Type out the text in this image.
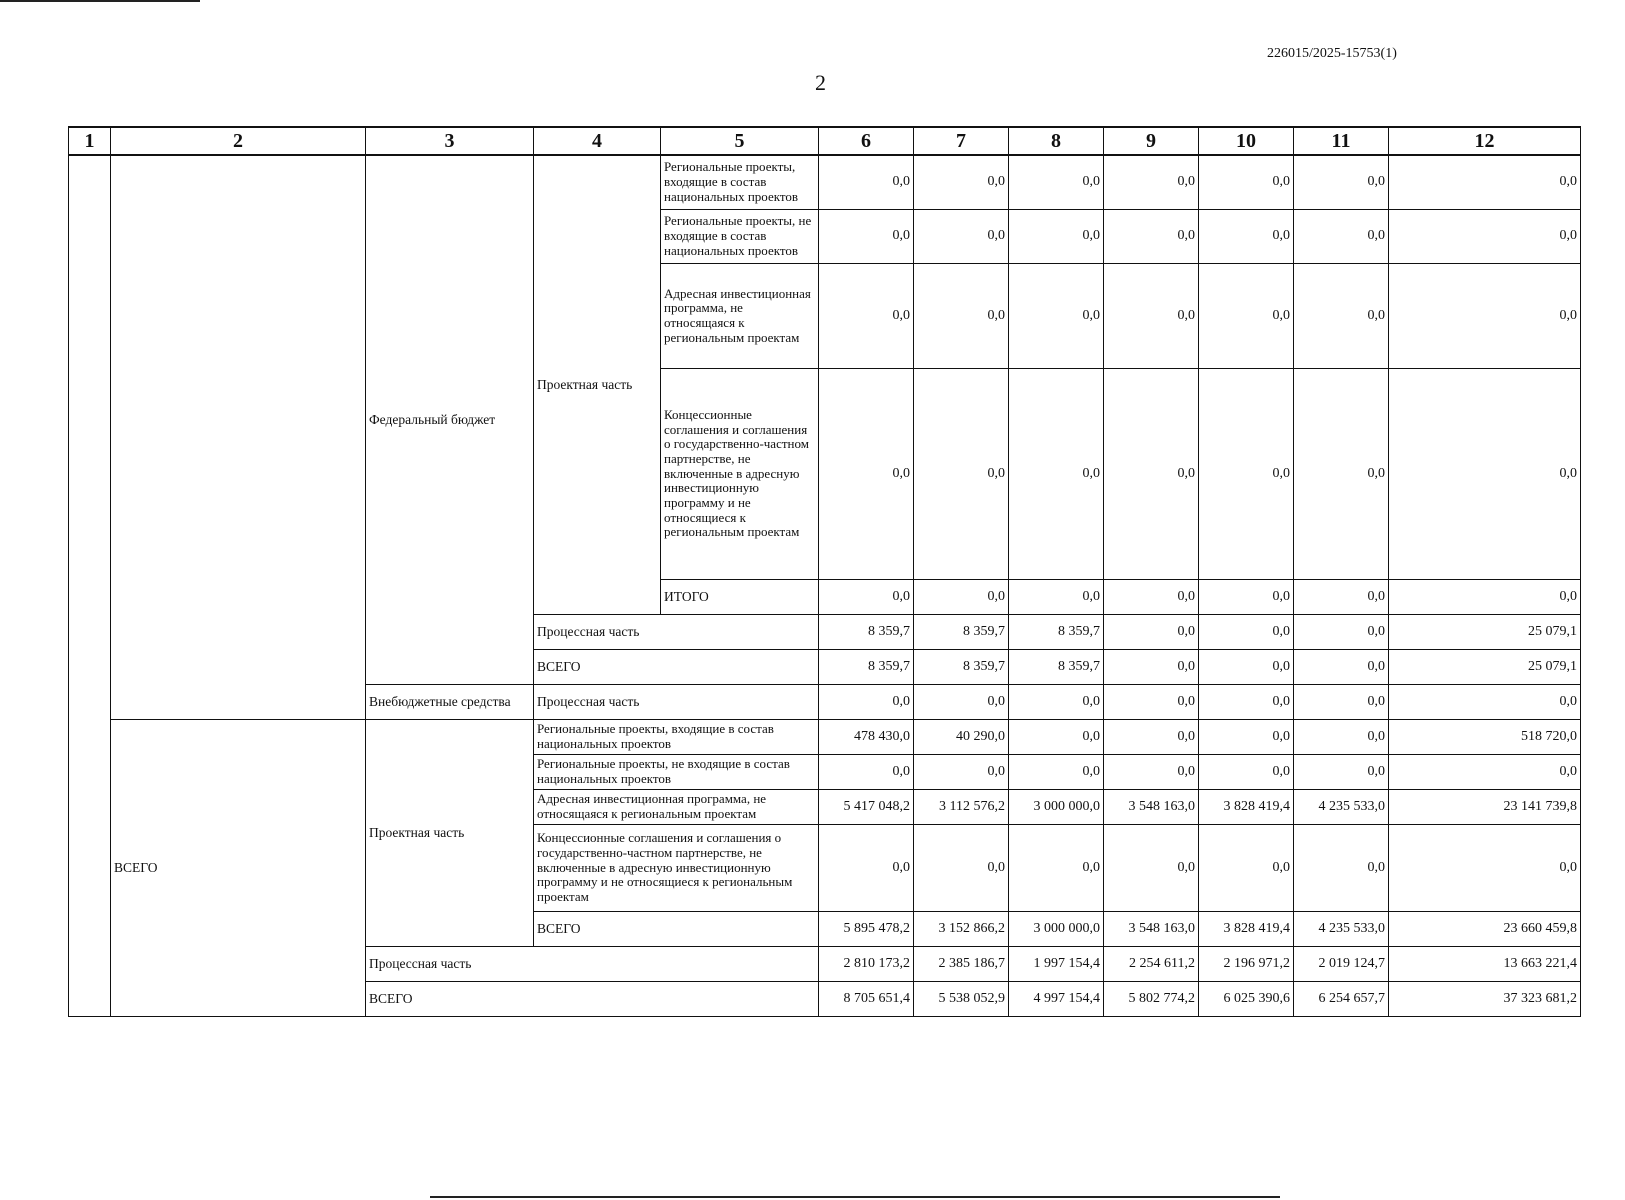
226015/2025-15753(1)
2
1	2	3	4	5	6	7	8	9	10	11	12
		Федеральный бюджет	Проектная часть	Региональные проекты, входящие в состав национальных проектов	0,0	0,0	0,0	0,0	0,0	0,0	0,0
				Региональные проекты, не входящие в состав национальных проектов	0,0	0,0	0,0	0,0	0,0	0,0	0,0
				Адресная инвестиционная программа, не относящаяся к региональным проектам	0,0	0,0	0,0	0,0	0,0	0,0	0,0
				Концессионные соглашения и соглашения о государственно-частном партнерстве, не включенные в адресную инвестиционную программу и не относящиеся к региональным проектам	0,0	0,0	0,0	0,0	0,0	0,0	0,0
				ИТОГО	0,0	0,0	0,0	0,0	0,0	0,0	0,0
			Процессная часть		8 359,7	8 359,7	8 359,7	0,0	0,0	0,0	25 079,1
			ВСЕГО		8 359,7	8 359,7	8 359,7	0,0	0,0	0,0	25 079,1
		Внебюджетные средства	Процессная часть		0,0	0,0	0,0	0,0	0,0	0,0	0,0
	ВСЕГО	Проектная часть	Региональные проекты, входящие в состав национальных проектов		478 430,0	40 290,0	0,0	0,0	0,0	0,0	518 720,0
			Региональные проекты, не входящие в состав национальных проектов		0,0	0,0	0,0	0,0	0,0	0,0	0,0
			Адресная инвестиционная программа, не относящаяся к региональным проектам		5 417 048,2	3 112 576,2	3 000 000,0	3 548 163,0	3 828 419,4	4 235 533,0	23 141 739,8
			Концессионные соглашения и соглашения о государственно-частном партнерстве, не включенные в адресную инвестиционную программу и не относящиеся к региональным проектам		0,0	0,0	0,0	0,0	0,0	0,0	0,0
			ВСЕГО		5 895 478,2	3 152 866,2	3 000 000,0	3 548 163,0	3 828 419,4	4 235 533,0	23 660 459,8
		Процессная часть			2 810 173,2	2 385 186,7	1 997 154,4	2 254 611,2	2 196 971,2	2 019 124,7	13 663 221,4
		ВСЕГО			8 705 651,4	5 538 052,9	4 997 154,4	5 802 774,2	6 025 390,6	6 254 657,7	37 323 681,2
